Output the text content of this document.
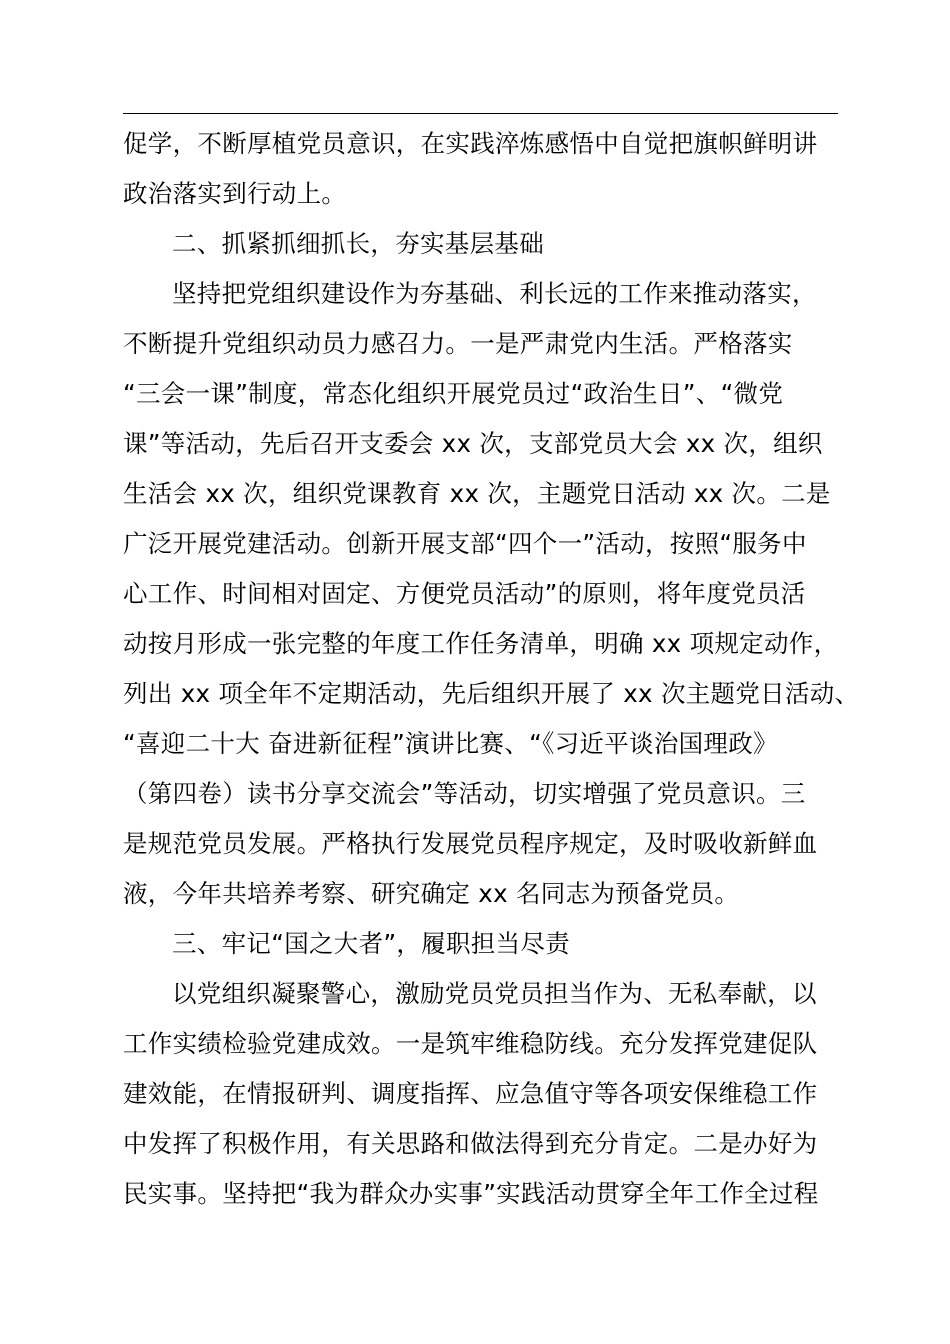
促学，不断厚植党员意识，在实践淬炼感悟中自觉把旗帜鲜明讲
政治落实到行动上。
二、抓紧抓细抓长，夯实基层基础
坚持把党组织建设作为夯基础、利长远的工作来推动落实，
不断提升党组织动员力感召力。一是严肃党内生活。严格落实
“三会一课”制度，常态化组织开展党员过“政治生日”、“微党
课”等活动，先后召开支委会 xx 次，支部党员大会 xx 次，组织
生活会 xx 次，组织党课教育 xx 次，主题党日活动 xx 次。二是
广泛开展党建活动。创新开展支部“四个一”活动，按照“服务中
心工作、时间相对固定、方便党员活动”的原则，将年度党员活
动按月形成一张完整的年度工作任务清单，明确 xx 项规定动作，
列出 xx 项全年不定期活动，先后组织开展了 xx 次主题党日活动、
“喜迎二十大 奋进新征程”演讲比赛、“《习近平谈治国理政》
（第四卷）读书分享交流会”等活动，切实增强了党员意识。三
是规范党员发展。严格执行发展党员程序规定，及时吸收新鲜血
液，今年共培养考察、研究确定 xx 名同志为预备党员。
三、牢记“国之大者”，履职担当尽责
以党组织凝聚警心，激励党员党员担当作为、无私奉献，以
工作实绩检验党建成效。一是筑牢维稳防线。充分发挥党建促队
建效能，在情报研判、调度指挥、应急值守等各项安保维稳工作
中发挥了积极作用，有关思路和做法得到充分肯定。二是办好为
民实事。坚持把“我为群众办实事”实践活动贯穿全年工作全过程
